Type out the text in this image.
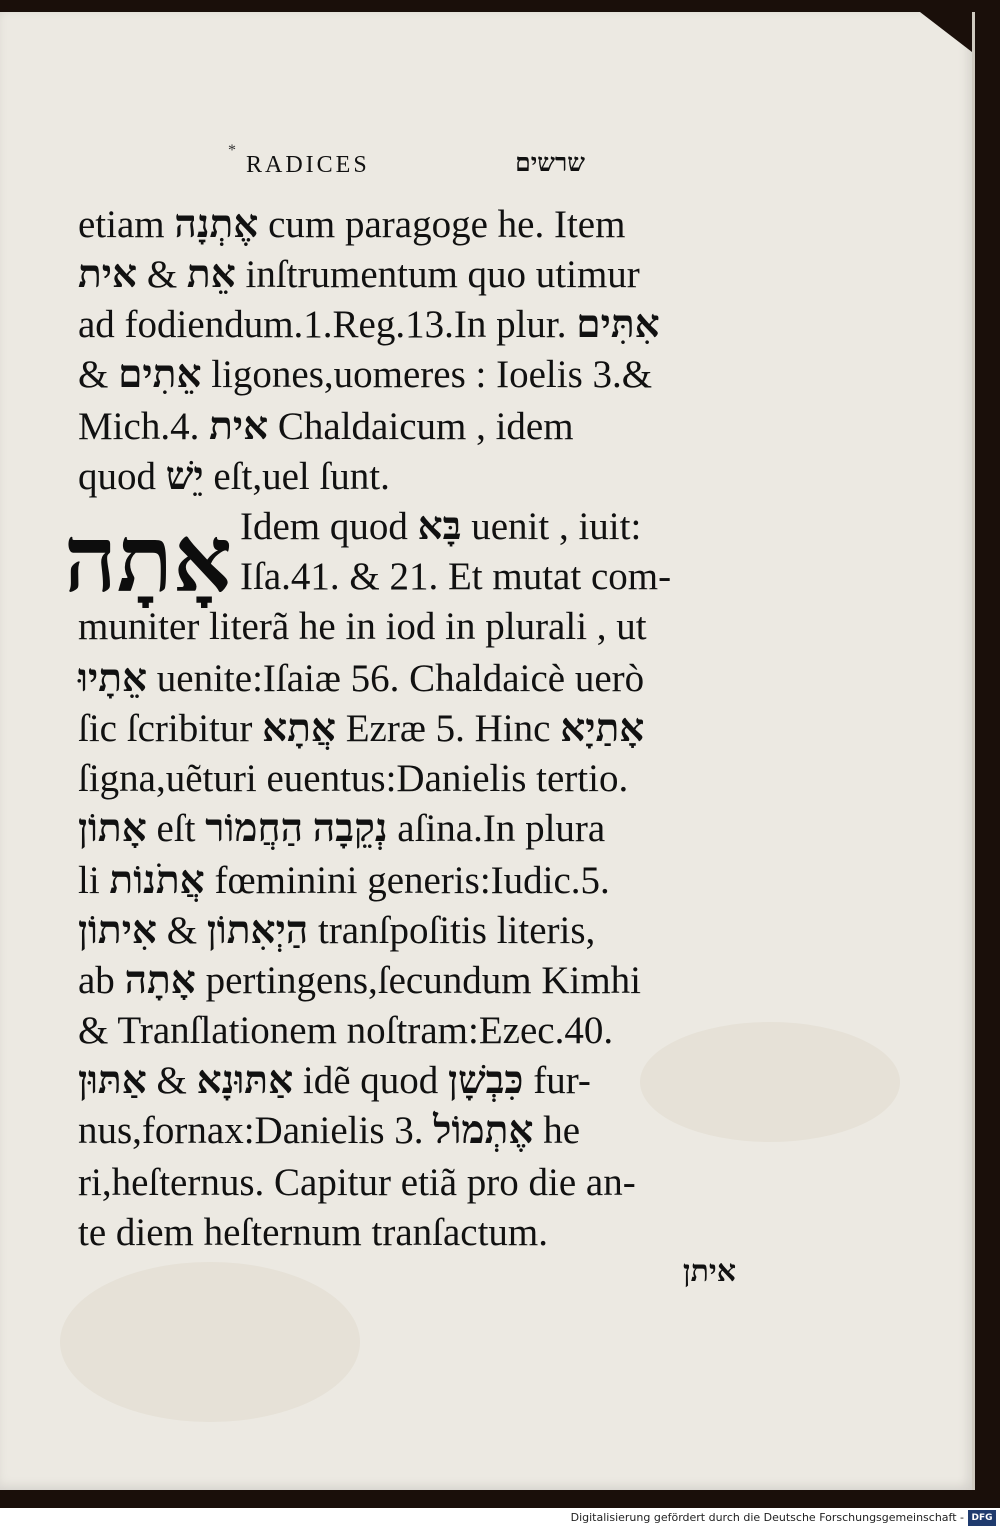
*
RADICES	שרשים
אָתָה
etiam אֶתְנָה cum paragoge he. Item
אית & אֵת inſtrumentum quo utimur
ad fodiendum.1.Reg.13.In plur. אִתִּים
& אֵתִים ligones,uomeres : Ioelis 3.&
Mich.4. אית Chaldaicum , idem
quod יֵשׁ eſt,uel ſunt.
Idem quod בָּא uenit , iuit:
Iſa.41. & 21. Et mutat com-
muniter literã he in iod in plurali , ut
אֵתָיוּ uenite:Iſaiæ 56. Chaldaicè uerò
ſic ſcribitur אֲתָא Ezræ 5. Hinc אָתַיָא
ſigna,uẽturi euentus:Danielis tertio.
אָתוֹן eſt נְקֵבָה הַחֲמוֹר aſina.In plura
li אֲתֹנוֹת fœminini generis:Iudic.5.
אִיתוֹן & הַיְאִתוֹן tranſpoſitis literis,
ab אָתָה pertingens,ſecundum Kimhi
& Tranſlationem noſtram:Ezec.40.
אַתּוּן & אַתּוּנָא idẽ quod כִּבְשָׁן fur-
nus,fornax:Danielis 3. אֶתְמוֹל he
ri,heſternus. Capitur etiã pro die an-
te diem heſternum tranſactum.
איתן
Digitalisierung gefördert durch die Deutsche Forschungsgemeinschaft - DFG
